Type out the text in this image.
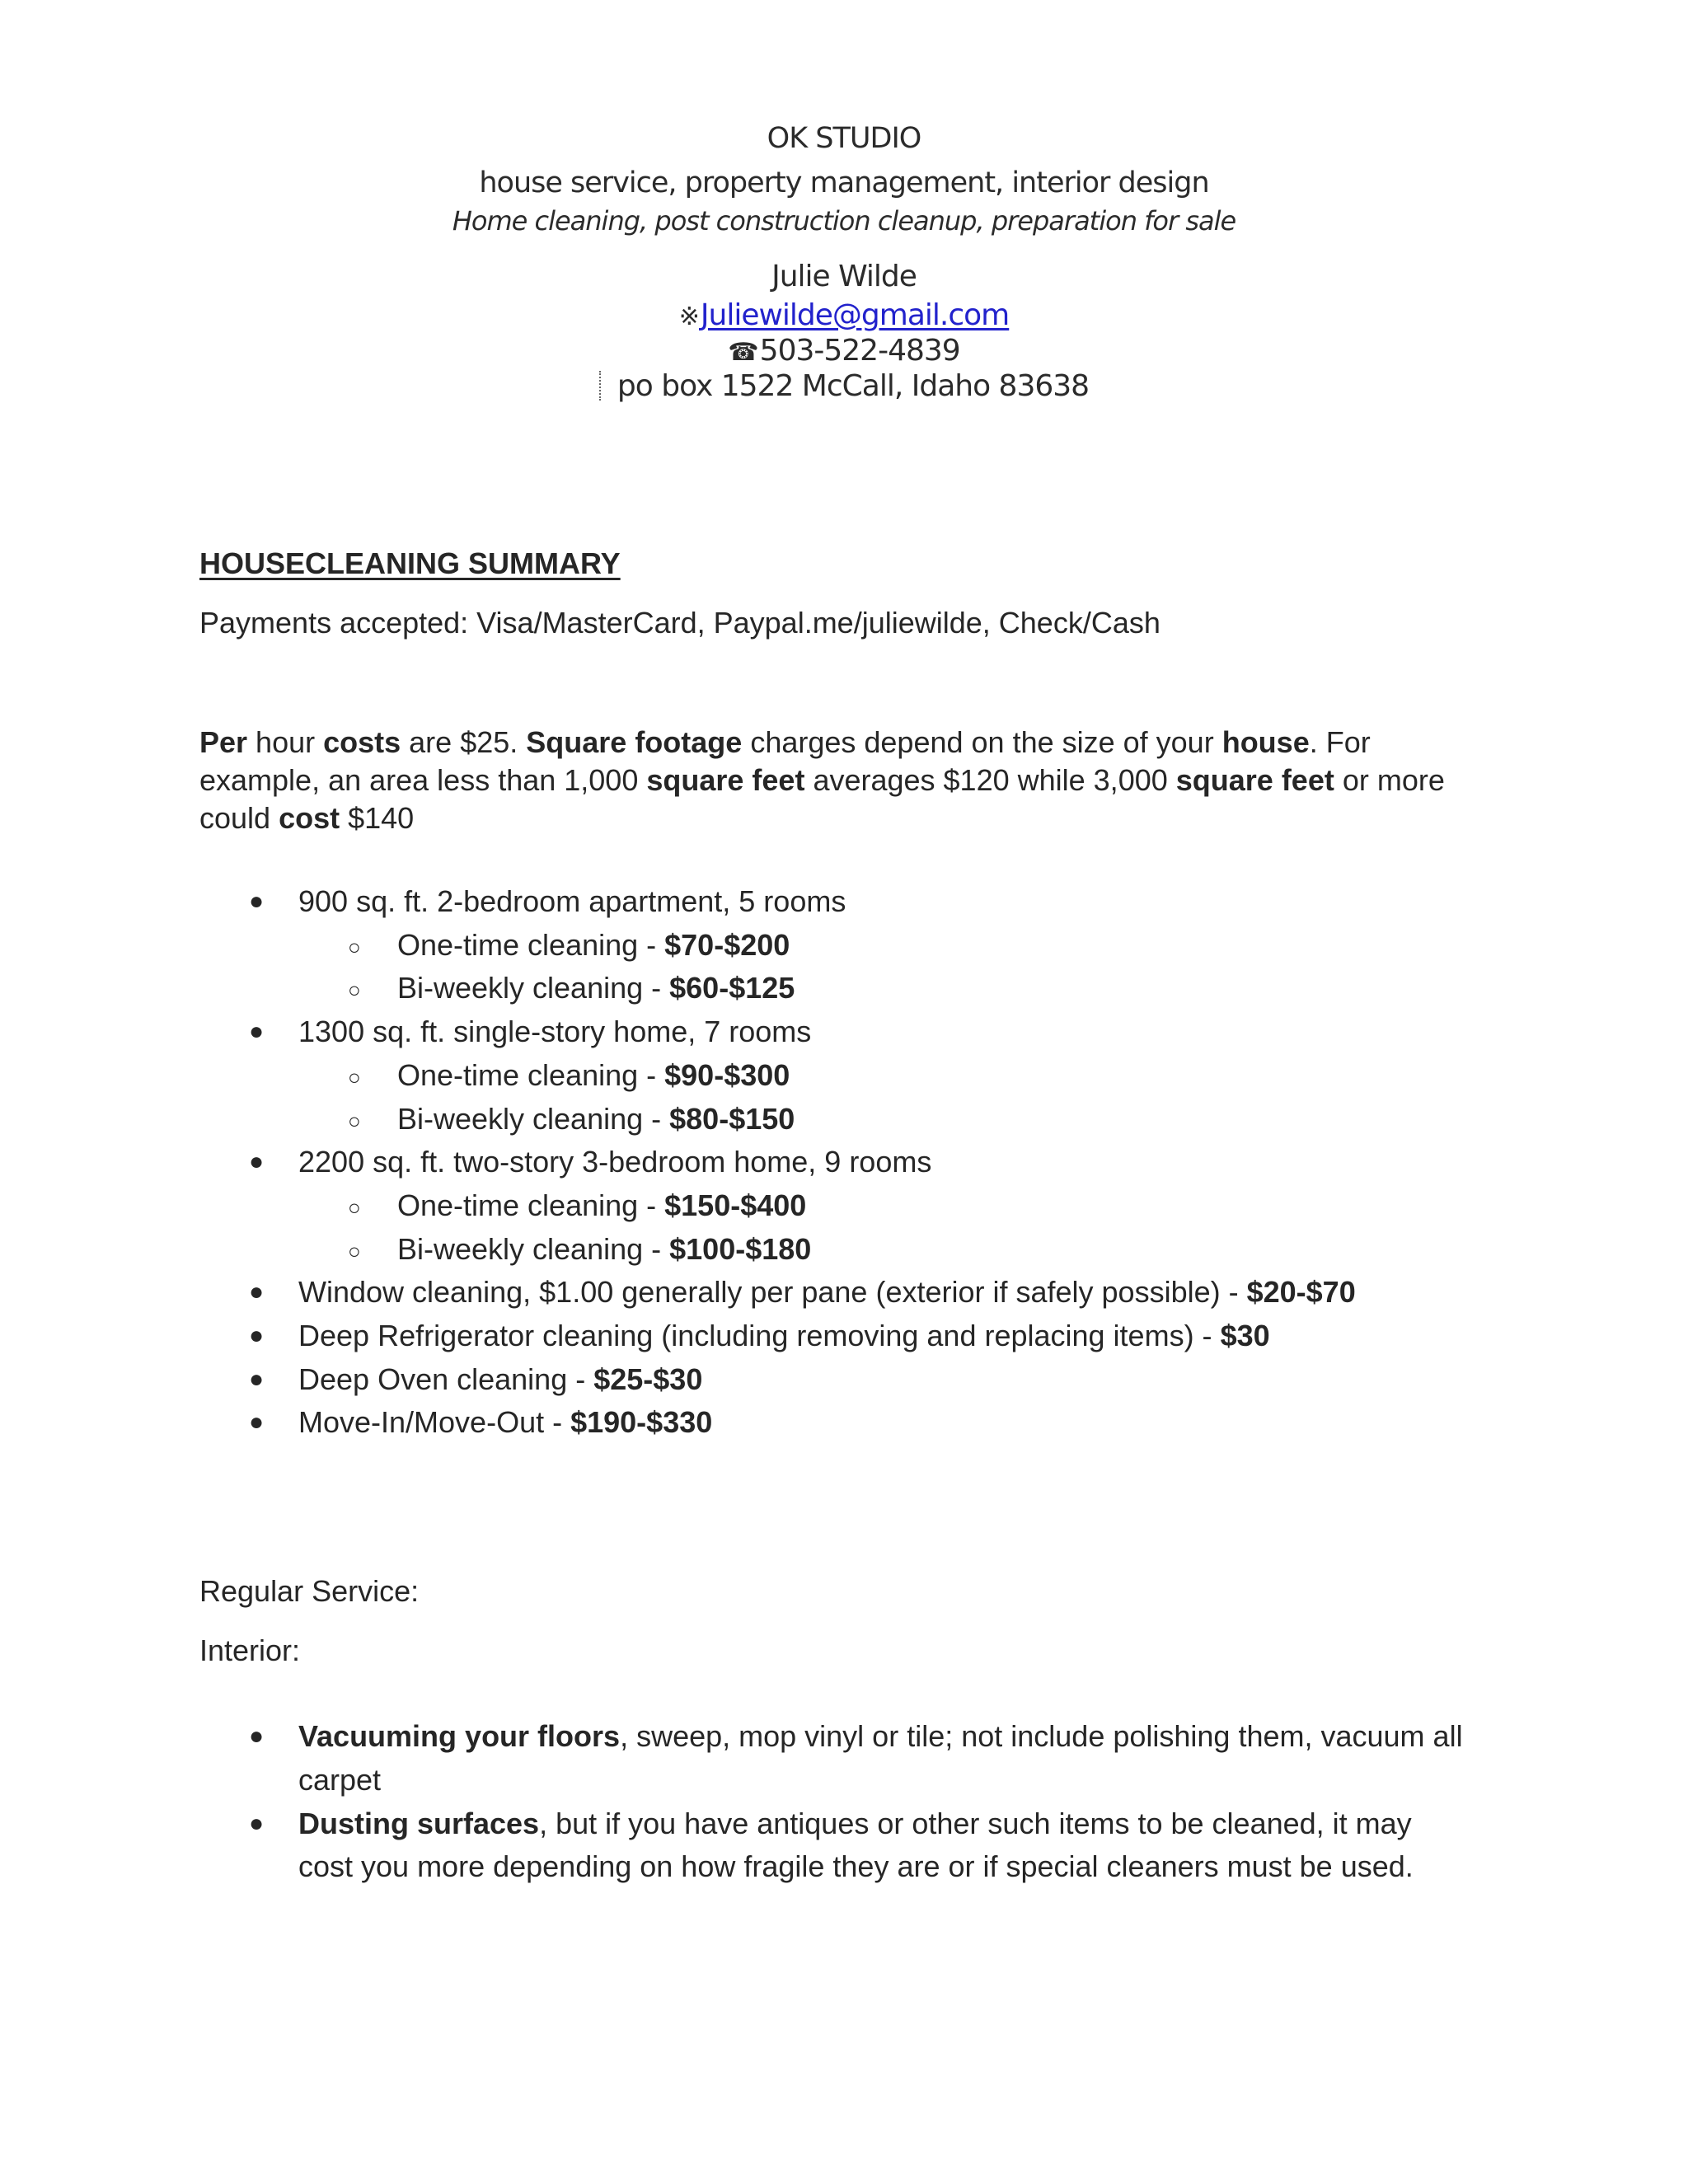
OK STUDIO
house service, property management, interior design
Home cleaning, post construction cleanup, preparation for sale
Julie Wilde
※Juliewilde@gmail.com
☎503-522-4839
po box 1522 McCall, Idaho 83638
HOUSECLEANING SUMMARY
Payments accepted: Visa/MasterCard, Paypal.me/juliewilde, Check/Cash
Per hour costs are $25. Square footage charges depend on the size of your house. For example, an area less than 1,000 square feet averages $120 while 3,000 square feet or more could cost $140
● 900 sq. ft. 2-bedroom apartment, 5 rooms
○ One-time cleaning - $70-$200
○ Bi-weekly cleaning - $60-$125
● 1300 sq. ft. single-story home, 7 rooms
○ One-time cleaning - $90-$300
○ Bi-weekly cleaning - $80-$150
● 2200 sq. ft. two-story 3-bedroom home, 9 rooms
○ One-time cleaning - $150-$400
○ Bi-weekly cleaning - $100-$180
● Window cleaning, $1.00 generally per pane (exterior if safely possible) - $20-$70
● Deep Refrigerator cleaning (including removing and replacing items) - $30
● Deep Oven cleaning - $25-$30
● Move-In/Move-Out - $190-$330
Regular Service:
Interior:
● Vacuuming your floors, sweep, mop vinyl or tile; not include polishing them, vacuum all carpet
● Dusting surfaces, but if you have antiques or other such items to be cleaned, it may cost you more depending on how fragile they are or if special cleaners must be used.
